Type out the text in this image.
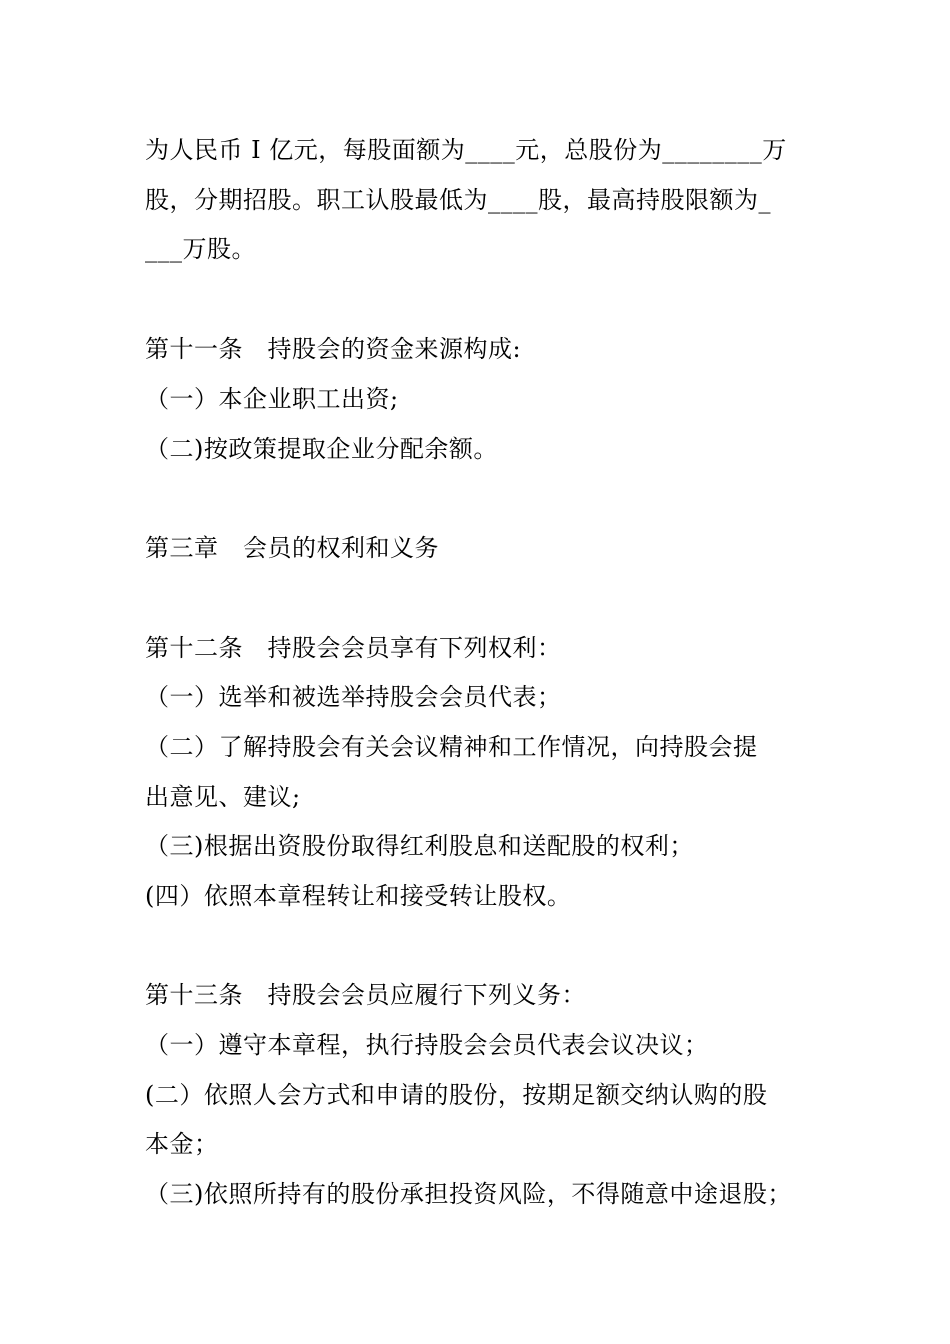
为人民币 I 亿元，每股面额为____元，总股份为________万
股，分期招股。职工认股最低为____股，最高持股限额为_
___万股。
第十一条　持股会的资金来源构成:
（一）本企业职工出资;
（二)按政策提取企业分配余额。
第三章　会员的权利和义务
第十二条　持股会会员享有下列权利：
（一）选举和被选举持股会会员代表；
（二）了解持股会有关会议精神和工作情况，向持股会提
出意见、建议;
（三)根据出资股份取得红利股息和送配股的权利；
(四）依照本章程转让和接受转让股权。
第十三条　持股会会员应履行下列义务：
（一）遵守本章程，执行持股会会员代表会议决议；
(二）依照人会方式和申请的股份，按期足额交纳认购的股
本金；
（三)依照所持有的股份承担投资风险，不得随意中途退股；
